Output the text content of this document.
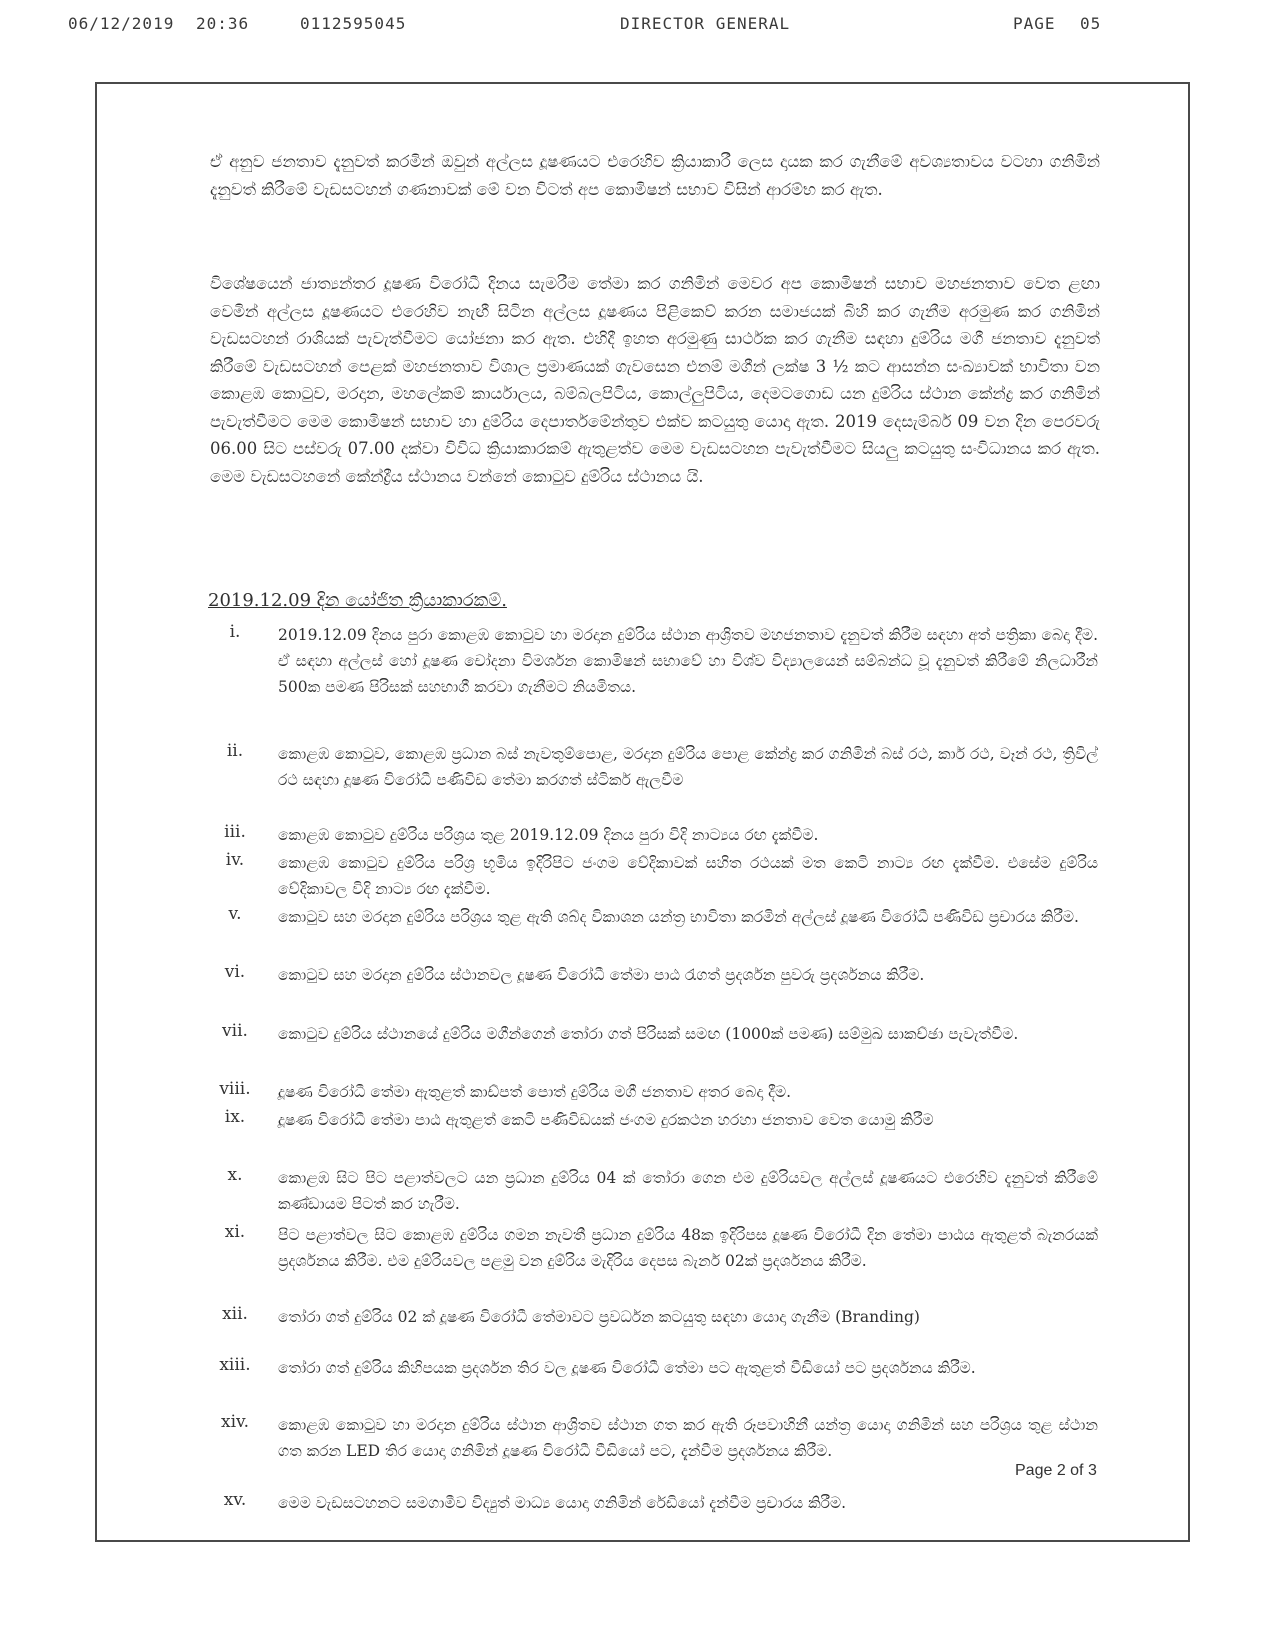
06/12/2019 20:36	0112595045	DIRECTOR GENERAL	PAGE 05

ඒ අනුව ජනතාව දැනුවත් කරමින් ඔවුන් අල්ලස දූෂණයට එරෙහිව ක්‍රියාකාරී ලෙස දායක කර ගැනීමේ අවශ්‍යතාවය වටහා ගනිමින් දැනුවත් කිරීමේ වැඩසටහන් ගණනාවක් මේ වන විටත් අප කොමිෂන් සභාව විසින් ආරම්භ කර ඇත.

විශේෂයෙන් ජාත්‍යන්තර දූෂණ විරෝධී දිනය සැමරීම තේමා කර ගනිමින් මෙවර අප කොමිෂන් සභාව මහජනතාව වෙත ළඟා වෙමින් අල්ලස දූෂණයට එරෙහිව නැඟී සිටින අල්ලස දූෂණය පිළිකෙව් කරන සමාජයක් බිහි කර ගැනීම අරමුණ කර ගනිමින් වැඩසටහන් රාශියක් පැවැත්වීමට යෝජනා කර ඇත. එහිදී ඉහත අරමුණු සාර්ථක කර ගැනීම සඳහා දුම්රිය මගී ජනතාව දැනුවත් කිරීමේ වැඩසටහන් පෙළක් මහජනතාව විශාල ප්‍රමාණයක් ගැවසෙන එනම් මගීන් ලක්ෂ 3 ½ කට ආසන්න සංඛ්‍යාවක් භාවිතා වන කොළඹ කොටුව, මරදාන, මහලේකම් කාර්යාලය, බම්බලපිටිය, කොල්ලුපිටිය, දෙමටගොඩ යන දුම්රිය ස්ථාන කේන්ද්‍ර කර ගනිමින් පැවැත්වීමට මෙම කොමිෂන් සභාව හා දුම්රිය දෙපාර්තමේන්තුව එක්ව කටයුතු යොදා ඇත. 2019 දෙසැම්බර් 09 වන දින පෙරවරු 06.00 සිට පස්වරු 07.00 දක්වා විවිධ ක්‍රියාකාරකම් ඇතුළත්ව මෙම වැඩසටහන පැවැත්වීමට සියලු කටයුතු සංවිධානය කර ඇත. මෙම වැඩසටහනේ කේන්ද්‍රීය ස්ථානය වන්නේ කොටුව දුම්රිය ස්ථානය යි.

2019.12.09 දින යෝජිත ක්‍රියාකාරකම්.
i.	2019.12.09 දිනය පුරා කොළඹ කොටුව හා මරදාන දුම්රිය ස්ථාන ආශ්‍රිතව මහජනතාව දැනුවත් කිරීම සඳහා අත් පත්‍රිකා බෙදා දීම. ඒ සඳහා අල්ලස් හෝ දූෂණ චෝදනා විමර්ශන කොමිෂන් සභාවේ හා විශ්ව විද්‍යාලයෙන් සම්බන්ධ වූ දැනුවත් කිරීමේ නිලධාරීන් 500ක පමණ පිරිසක් සහභාගී කරවා ගැනීමට නියමිතය.
ii.	කොළඹ කොටුව, කොළඹ ප්‍රධාන බස් නැවතුම්පොළ, මරදාන දුම්රිය පොළ කේන්ද්‍ර කර ගනිමින් බස් රථ, කාර් රථ, වෑන් රථ, ත්‍රිවිල් රථ සඳහා දූෂණ විරෝධී පණිවිඩ තේමා කරගත් ස්ටිකර් ඇලවීම
iii.	කොළඹ කොටුව දුම්රිය පරිශ්‍රය තුළ 2019.12.09 දිනය පුරා විදි නාට්‍යය රඟ දැක්වීම.
iv.	කොළඹ කොටුව දුම්රිය පරිශ්‍ර භූමිය ඉදිරිපිට ජංගම වේදිකාවක් සහිත රථයක් මත කෙටි නාට්‍ය රඟ දැක්වීම. එසේම දුම්රිය වේදිකාවල විදි නාට්‍ය රඟ දැක්වීම.
v.	කොටුව සහ මරදාන දුම්රිය පරිශ්‍රය තුළ ඇති ශබ්ද විකාශන යන්ත්‍ර භාවිතා කරමින් අල්ලස් දූෂණ විරෝධී පණිවිඩ ප්‍රචාරය කිරීම.
vi.	කොටුව සහ මරදාන දුම්රිය ස්ථානවල දූෂණ විරෝධී තේමා පාඨ රැගත් ප්‍රදර්ශන පුවරු ප්‍රදර්ශනය කිරීම.
vii.	කොටුව දුම්රිය ස්ථානයේ දුම්රිය මගීන්ගෙන් තෝරා ගත් පිරිසක් සමඟ (1000ක් පමණ) සම්මුඛ සාකච්ඡා පැවැත්වීම.
viii.	දූෂණ විරෝධී තේමා ඇතුළත් කාඩ්පත් පොත් දුම්රිය මගී ජනතාව අතර බෙදා දීම.
ix.	දූෂණ විරෝධී තේමා පාඨ ඇතුළත් කෙටි පණිවිඩයක් ජංගම දුරකථන හරහා ජනතාව වෙත යොමු කිරීම
x.	කොළඹ සිට පිට පළාත්වලට යන ප්‍රධාන දුම්රිය 04 ක් තෝරා ගෙන එම දුම්රියවල අල්ලස් දූෂණයට එරෙහිව දැනුවත් කිරීමේ කණ්ඩායම පිටත් කර හැරීම.
xi.	පිට පළාත්වල සිට කොළඹ දුම්රිය ගමන නැවතී ප්‍රධාන දුම්රිය 48ක ඉදිරිපස දූෂණ විරෝධී දින තේමා පාඨය ඇතුළත් බැනරයක් ප්‍රදර්ශනය කිරීම. එම දුම්රියවල පළමු වන දුම්රිය මැදිරිය දෙපස බැනර් 02ක් ප්‍රදර්ශනය කිරීම.
xii.	තෝරා ගත් දුම්රිය 02 ක් දූෂණ විරෝධී තේමාවට ප්‍රවර්ධන කටයුතු සඳහා යොදා ගැනීම (Branding)
xiii.	තෝරා ගත් දුම්රිය කිහිපයක ප්‍රදර්ශන තිර වල දූෂණ විරෝධී තේමා පට ඇතුළත් වීඩියෝ පට ප්‍රදර්ශනය කිරීම.
xiv.	කොළඹ කොටුව හා මරදාන දුම්රිය ස්ථාන ආශ්‍රිතව ස්ථාන ගත කර ඇති රූපවාහිනී යන්ත්‍ර යොදා ගනිමින් සහ පරිශ්‍රය තුළ ස්ථාන ගත කරන LED තිර යොදා ගනිමින් දූෂණ විරෝධී වීඩියෝ පට, දැන්වීම ප්‍රදර්ශනය කිරීම.
xv.	මෙම වැඩසටහනට සමගාමීව විද්‍යුත් මාධ්‍ය යොදා ගනිමින් රේඩියෝ දැන්වීම ප්‍රචාරය කිරීම.
Page 2 of 3
